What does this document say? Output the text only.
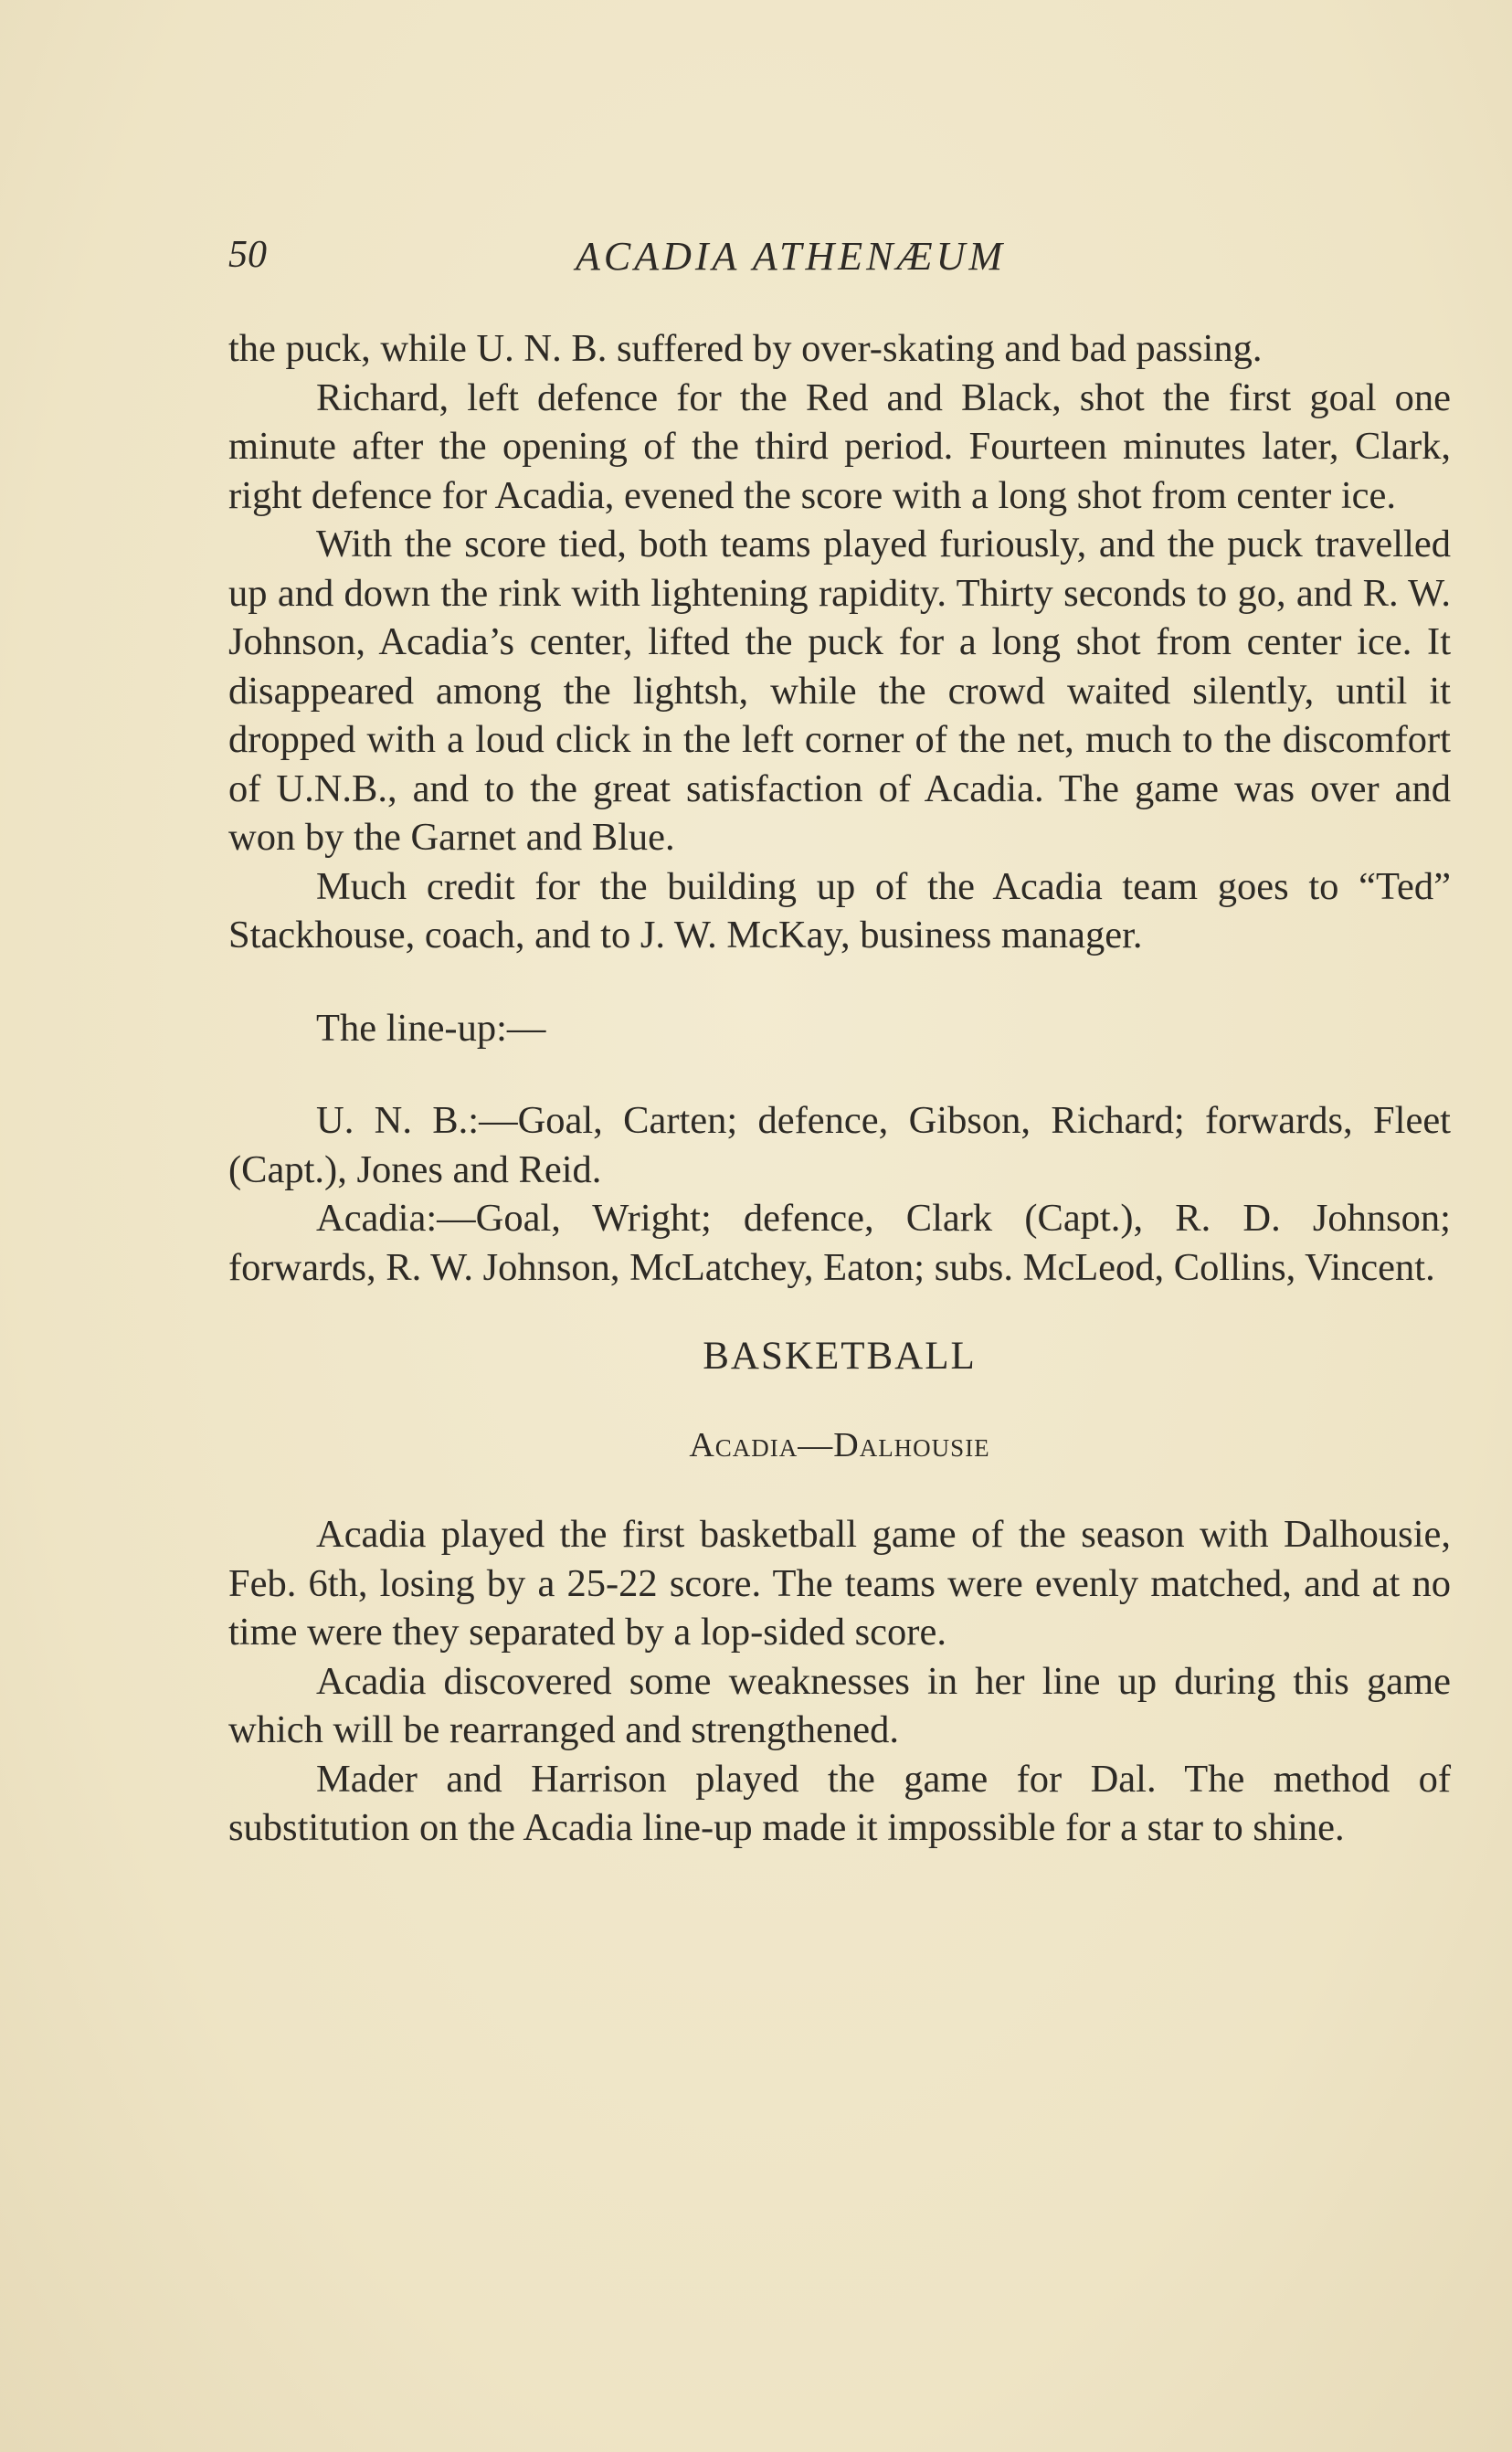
50	ACADIA ATHENÆUM

the puck, while U. N. B. suffered by over-skating and bad passing.

Richard, left defence for the Red and Black, shot the first goal one minute after the opening of the third period. Fourteen minutes later, Clark, right defence for Acadia, evened the score with a long shot from center ice.

With the score tied, both teams played furiously, and the puck travelled up and down the rink with lightening rapidity. Thirty seconds to go, and R. W. Johnson, Acadia’s center, lifted the puck for a long shot from center ice. It disappeared among the lightsh, while the crowd waited silently, until it dropped with a loud click in the left corner of the net, much to the discomfort of U.N.B., and to the great satisfaction of Acadia. The game was over and won by the Garnet and Blue.

Much credit for the building up of the Acadia team goes to “Ted” Stackhouse, coach, and to J. W. McKay, business manager.

The line-up:—

U. N. B.:—Goal, Carten; defence, Gibson, Richard; forwards, Fleet (Capt.), Jones and Reid.

Acadia:—Goal, Wright; defence, Clark (Capt.), R. D. Johnson; forwards, R. W. Johnson, McLatchey, Eaton; subs. McLeod, Collins, Vincent.

BASKETBALL

Acadia—Dalhousie

Acadia played the first basketball game of the season with Dalhousie, Feb. 6th, losing by a 25-22 score. The teams were evenly matched, and at no time were they separated by a lop-sided score.

Acadia discovered some weaknesses in her line up during this game which will be rearranged and strengthened.

Mader and Harrison played the game for Dal. The method of substitution on the Acadia line-up made it impossible for a star to shine.
